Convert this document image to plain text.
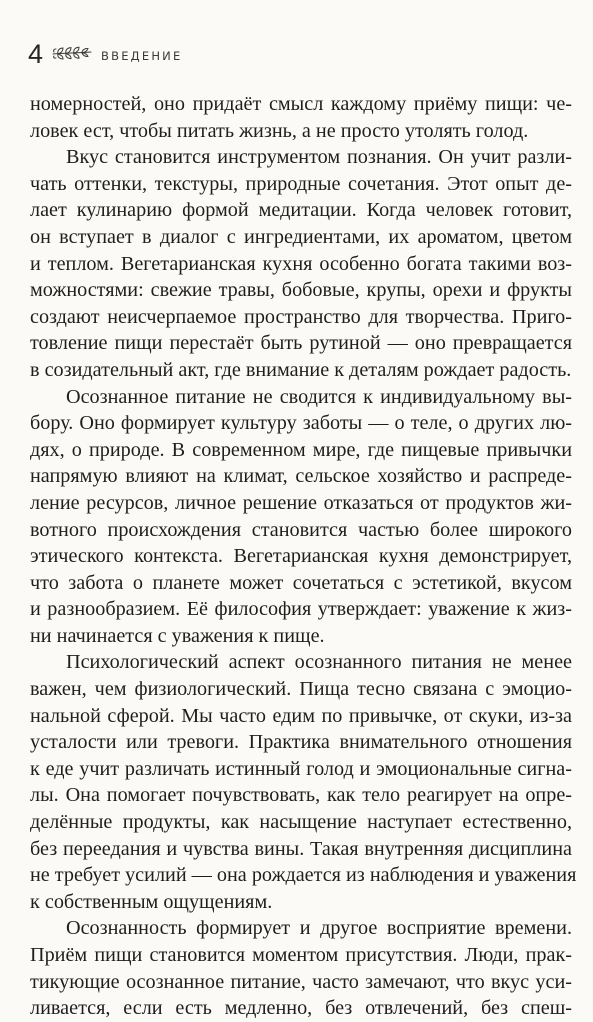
4	ВВЕДЕНИЕ
номерностей, оно придаёт смысл каждому приёму пищи: че-
ловек ест, чтобы питать жизнь, а не просто утолять голод.
Вкус становится инструментом познания. Он учит разли-
чать оттенки, текстуры, природные сочетания. Этот опыт де-
лает кулинарию формой медитации. Когда человек готовит,
он вступает в диалог с ингредиентами, их ароматом, цветом
и теплом. Вегетарианская кухня особенно богата такими воз-
можностями: свежие травы, бобовые, крупы, орехи и фрукты
создают неисчерпаемое пространство для творчества. Приго-
товление пищи перестаёт быть рутиной — оно превращается
в созидательный акт, где внимание к деталям рождает радость.
Осознанное питание не сводится к индивидуальному вы-
бору. Оно формирует культуру заботы — о теле, о других лю-
дях, о природе. В современном мире, где пищевые привычки
напрямую влияют на климат, сельское хозяйство и распреде-
ление ресурсов, личное решение отказаться от продуктов жи-
вотного происхождения становится частью более широкого
этического контекста. Вегетарианская кухня демонстрирует,
что забота о планете может сочетаться с эстетикой, вкусом
и разнообразием. Её философия утверждает: уважение к жиз-
ни начинается с уважения к пище.
Психологический аспект осознанного питания не менее
важен, чем физиологический. Пища тесно связана с эмоцио-
нальной сферой. Мы часто едим по привычке, от скуки, из-за
усталости или тревоги. Практика внимательного отношения
к еде учит различать истинный голод и эмоциональные сигна-
лы. Она помогает почувствовать, как тело реагирует на опре-
делённые продукты, как насыщение наступает естественно,
без переедания и чувства вины. Такая внутренняя дисциплина
не требует усилий — она рождается из наблюдения и уважения
к собственным ощущениям.
Осознанность формирует и другое восприятие времени.
Приём пищи становится моментом присутствия. Люди, прак-
тикующие осознанное питание, часто замечают, что вкус уси-
ливается, если есть медленно, без отвлечений, без спеш-
